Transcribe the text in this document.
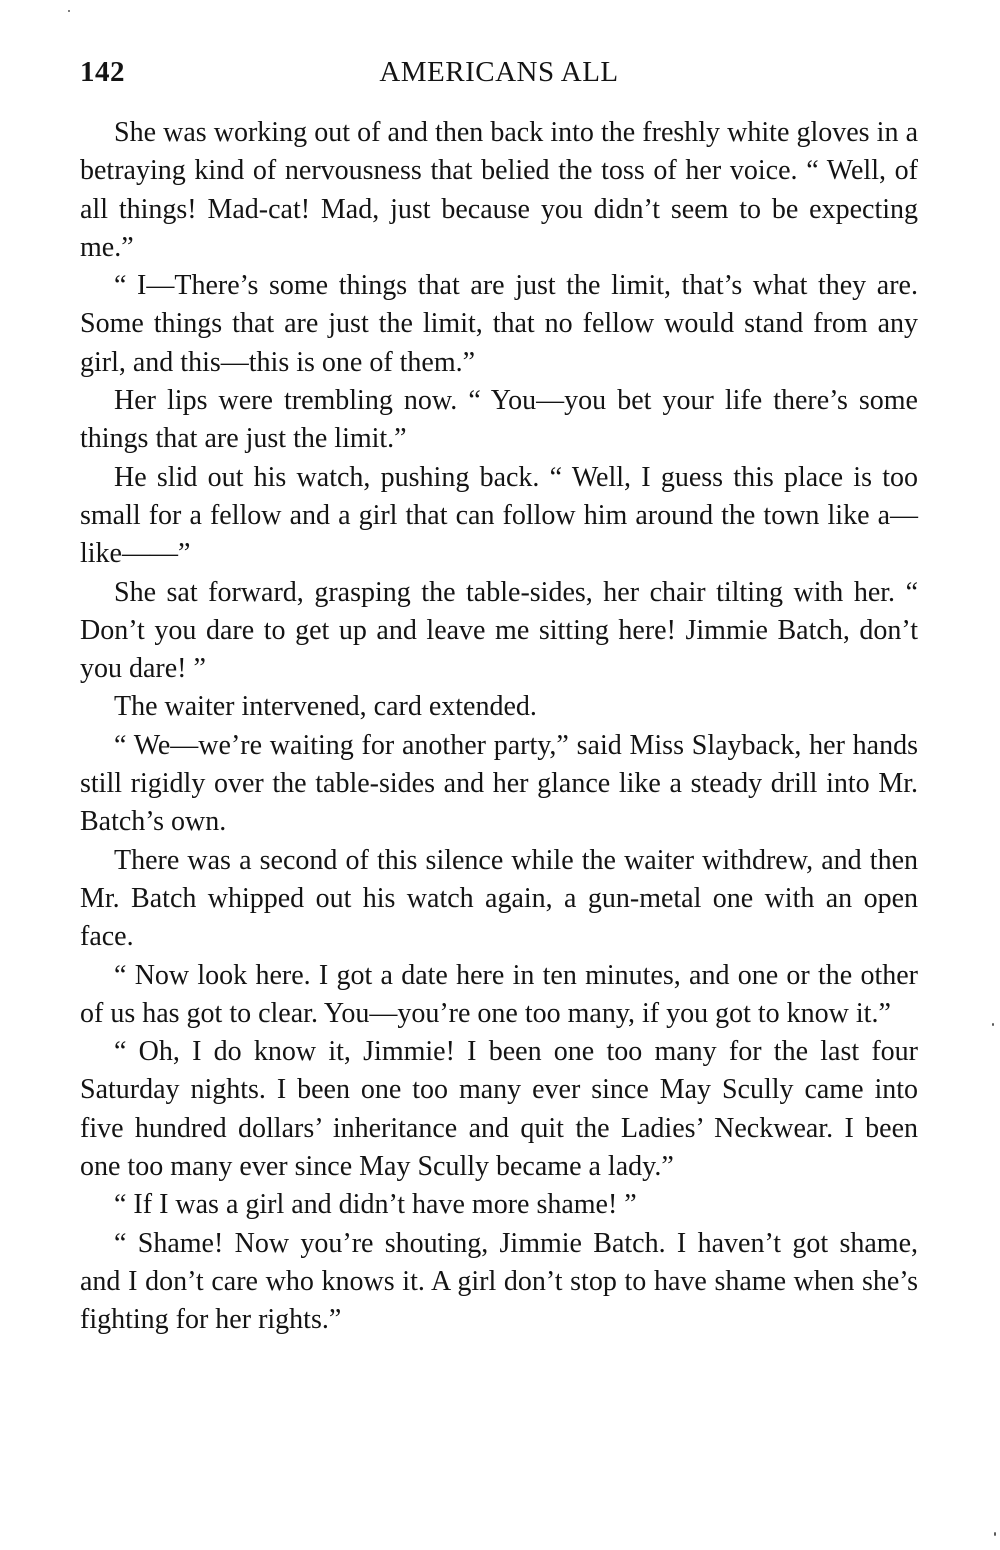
142	AMERICANS ALL

She was working out of and then back into the freshly white gloves in a betraying kind of nervousness that belied the toss of her voice. “ Well, of all things! Mad-cat! Mad, just because you didn’t seem to be expecting me.”

“ I—There’s some things that are just the limit, that’s what they are. Some things that are just the limit, that no fellow would stand from any girl, and this—this is one of them.”

Her lips were trembling now. “ You—you bet your life there’s some things that are just the limit.”

He slid out his watch, pushing back. “ Well, I guess this place is too small for a fellow and a girl that can follow him around the town like a—like——”

She sat forward, grasping the table-sides, her chair tilting with her. “ Don’t you dare to get up and leave me sitting here! Jimmie Batch, don’t you dare! ”

The waiter intervened, card extended.

“ We—we’re waiting for another party,” said Miss Slayback, her hands still rigidly over the table-sides and her glance like a steady drill into Mr. Batch’s own.

There was a second of this silence while the waiter withdrew, and then Mr. Batch whipped out his watch again, a gun-metal one with an open face.

“ Now look here. I got a date here in ten minutes, and one or the other of us has got to clear. You—you’re one too many, if you got to know it.”

“ Oh, I do know it, Jimmie! I been one too many for the last four Saturday nights. I been one too many ever since May Scully came into five hundred dollars’ inheritance and quit the Ladies’ Neckwear. I been one too many ever since May Scully became a lady.”

“ If I was a girl and didn’t have more shame! ”

“ Shame! Now you’re shouting, Jimmie Batch. I haven’t got shame, and I don’t care who knows it. A girl don’t stop to have shame when she’s fighting for her rights.”
